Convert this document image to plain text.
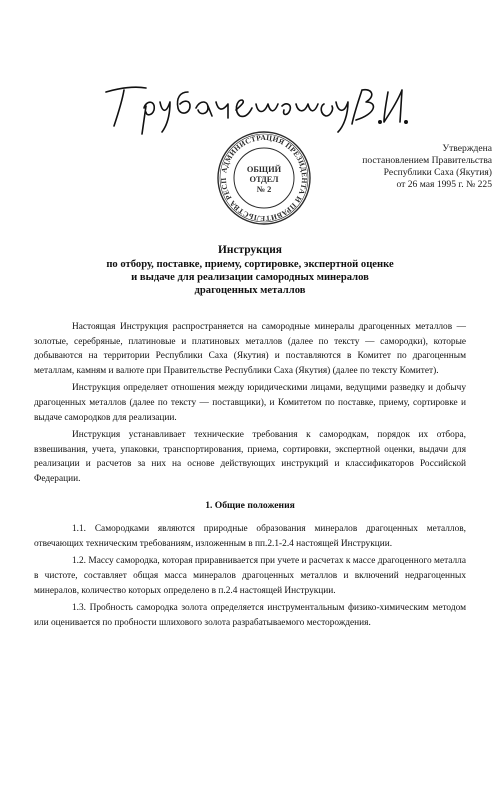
АДМИНИСТРАЦИЯ ПРЕЗИДЕНТА И ПРАВИТЕЛЬСТВА РЕСП
ОБЩИЙ
ОТДЕЛ
№ 2
Утверждена
постановлением Правительства
Республики Саха (Якутия)
от 26 мая 1995 г. № 225
Инструкция
по отбору, поставке, приему, сортировке, экспертной оценке
и выдаче для реализации самородных минералов
драгоценных металлов

Настоящая Инструкция распространяется на самородные минералы драгоценных металлов — золотые, серебряные, платиновые и платиновых металлов (далее по тексту — самородки), которые добываются на территории Республики Саха (Якутия) и поставляются в Комитет по драгоценным металлам, камням и валюте при Правительстве Республики Саха (Якутия) (далее по тексту Комитет).

Инструкция определяет отношения между юридическими лицами, ведущими разведку и добычу драгоценных металлов (далее по тексту — поставщики), и Комитетом по поставке, приему, сортировке и выдаче самородков для реализации.

Инструкция устанавливает технические требования к самородкам, порядок их отбора, взвешивания, учета, упаковки, транспортирования, приема, сортировки, экспертной оценки, выдачи для реализации и расчетов за них на основе действующих инструкций и классификаторов Российской Федерации.

1. Общие положения

1.1. Самородками являются природные образования минералов драгоценных металлов, отвечающих техническим требованиям, изложенным в пп.2.1-2.4 настоящей Инструкции.

1.2. Массу самородка, которая приравнивается при учете и расчетах к массе драгоценного металла в чистоте, составляет общая масса минералов драгоценных металлов и включений недрагоценных минералов, количество которых определено в п.2.4 настоящей Инструкции.

1.3. Пробность самородка золота определяется инструментальным физико-химическим методом или оценивается по пробности шлихового золота разрабатываемого месторождения.
